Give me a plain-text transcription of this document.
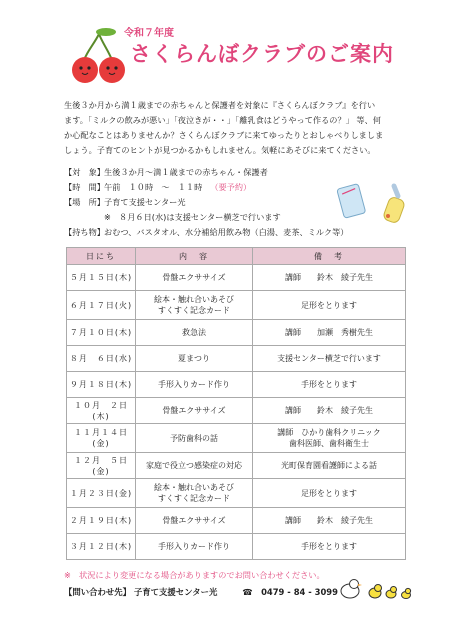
令和７年度
さくらんぼクラブのご案内
生後３か月から満１歳までの赤ちゃんと保護者を対象に『さくらんぼクラブ』を行い
ます。「ミルクの飲みが悪い」「夜泣きが・・」「離乳食はどうやって作るの？」 等、何
か心配なことはありませんか？さくらんぼクラブに来てゆったりとおしゃべりしましま
しょう。子育てのヒントが見つかるかもしれません。気軽にあそびに来てください。
【対　象】生後３か月～満１歳までの赤ちゃん・保護者
【時　間】午前　１０時　～　１１時 （要予約）
【場　所】子育て支援センター光
※　８月６日(水)は支援センター横芝で行います
【持ち物】おむつ、バスタオル、水分補給用飲み物（白湯、麦茶、ミルク等）
日にち	内　容	備　考
５月１５日(木)	骨盤エクササイズ	講師　　鈴木　綾子先生
６月１７日(火)	絵本・触れ合いあそび
すくすく記念カード	足形をとります
７月１０日(木)	救急法	講師　　加瀬　秀樹先生
８月　６日(水)	夏まつり	支援センター横芝で行います
９月１８日(木)	手形入りカード作り	手形をとります
１０月　２日(木)	骨盤エクササイズ	講師　　鈴木　綾子先生
１１月１４日(金)	予防歯科の話	講師　ひかり歯科クリニック
歯科医師、歯科衛生士
１２月　５日(金)	家庭で役立つ感染症の対応	光町保育園看護師による話
１月２３日(金)	絵本・触れ合いあそび
すくすく記念カード	足形をとります
２月１９日(木)	骨盤エクササイズ	講師　　鈴木　綾子先生
３月１２日(木)	手形入りカード作り	手形をとります
※　状況により変更になる場合がありますのでお問い合わせください。
【問い合わせ先】 子育て支援センター光	☎　0479 - 84 - 3099
